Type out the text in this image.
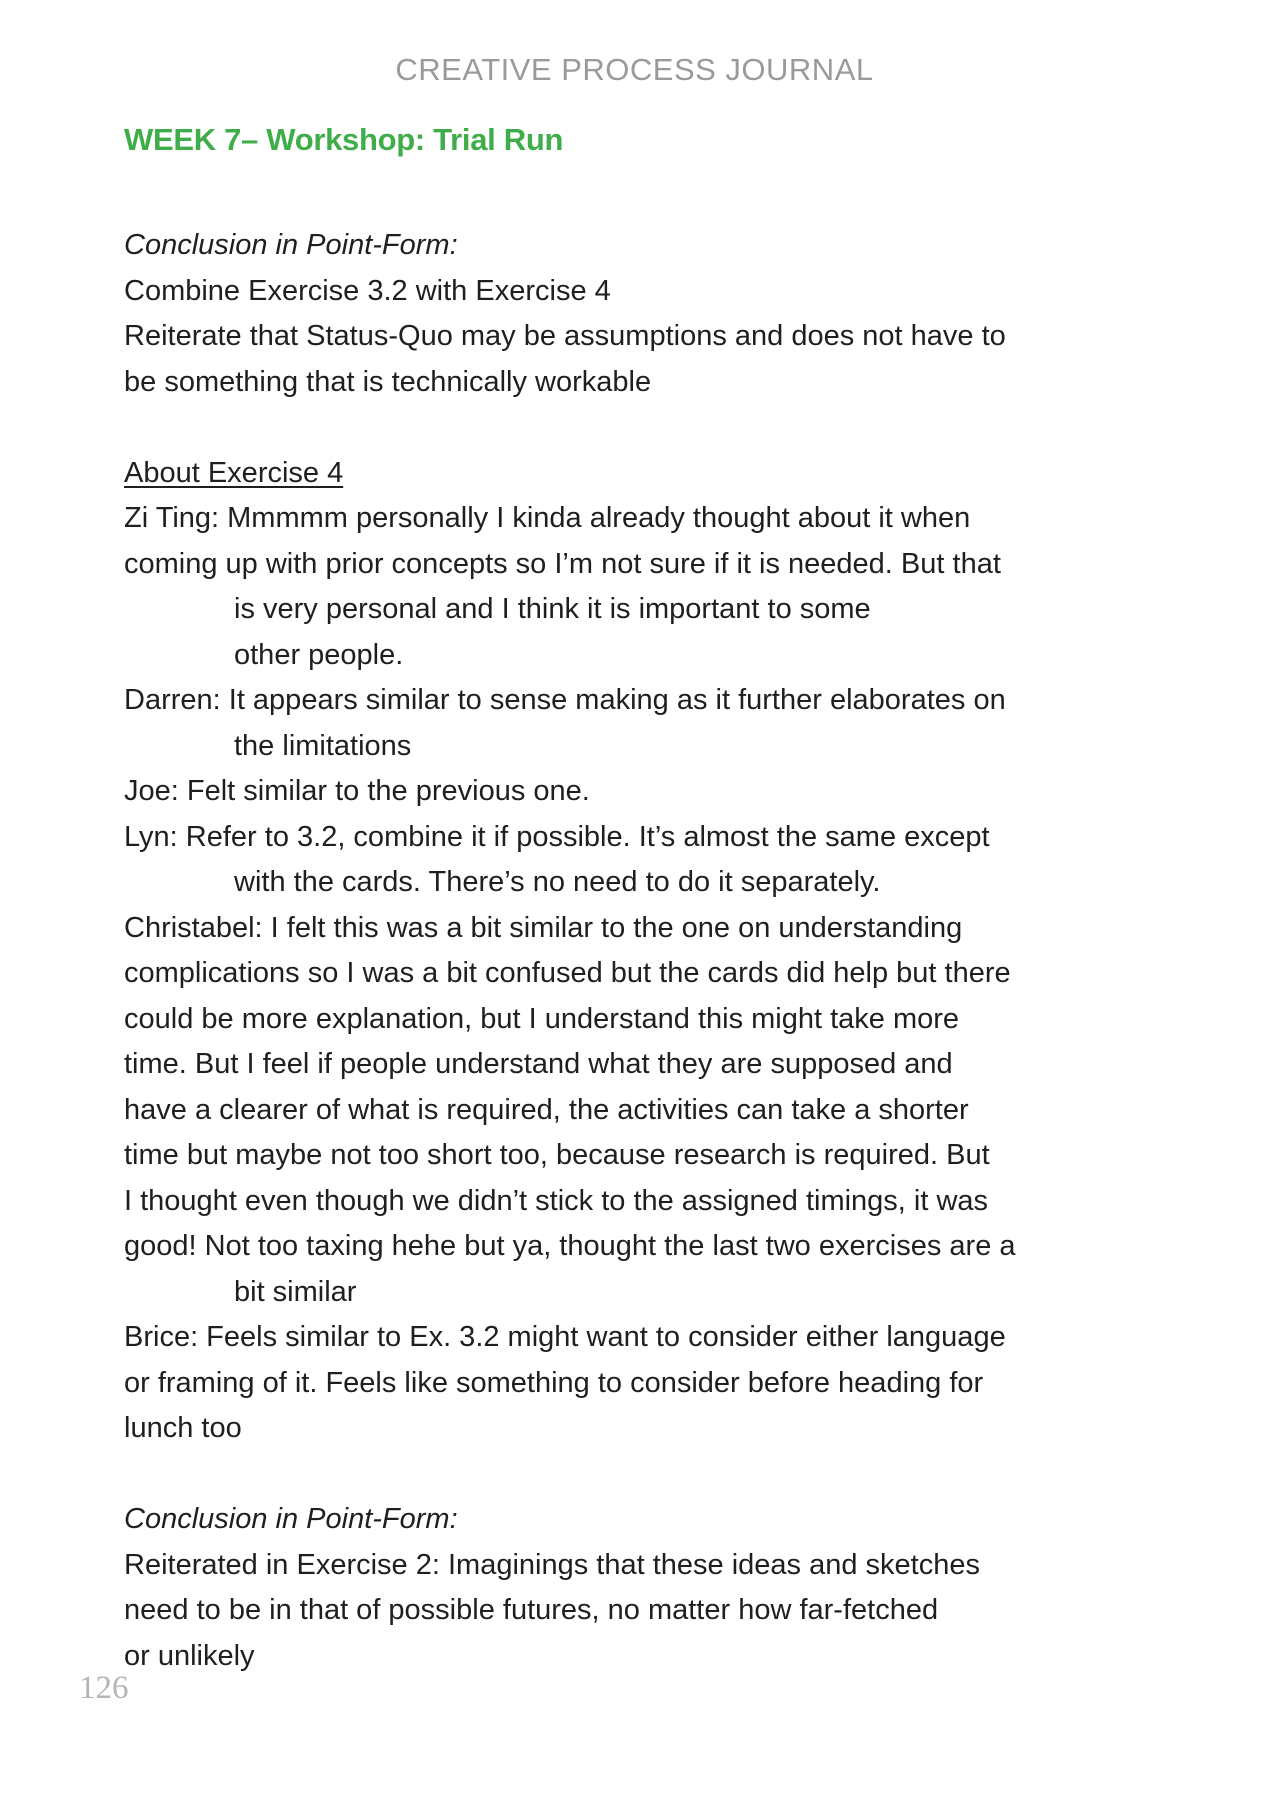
CREATIVE PROCESS JOURNAL
WEEK 7– Workshop: Trial Run
Conclusion in Point-Form:
Combine Exercise 3.2 with Exercise 4
Reiterate that Status-Quo may be assumptions and does not have to
be something that is technically workable
About Exercise 4
Zi Ting: Mmmmm personally I kinda already thought about it when
coming up with prior concepts so I’m not sure if it is needed. But that
is very personal and I think it is important to some
other people.
Darren: It appears similar to sense making as it further elaborates on
the limitations
Joe: Felt similar to the previous one.
Lyn: Refer to 3.2, combine it if possible. It’s almost the same except
with the cards. There’s no need to do it separately.
Christabel: I felt this was a bit similar to the one on understanding
complications so I was a bit confused but the cards did help but there
could be more explanation, but I understand this might take more
time. But I feel if people understand what they are supposed and
have a clearer of what is required, the activities can take a shorter
time but maybe not too short too, because research is required. But
I thought even though we didn’t stick to the assigned timings, it was
good! Not too taxing hehe but ya, thought the last two exercises are a
bit similar
Brice: Feels similar to Ex. 3.2 might want to consider either language
or framing of it. Feels like something to consider before heading for
lunch too
Conclusion in Point-Form:
Reiterated in Exercise 2: Imaginings that these ideas and sketches
need to be in that of possible futures, no matter how far-fetched
or unlikely
126
